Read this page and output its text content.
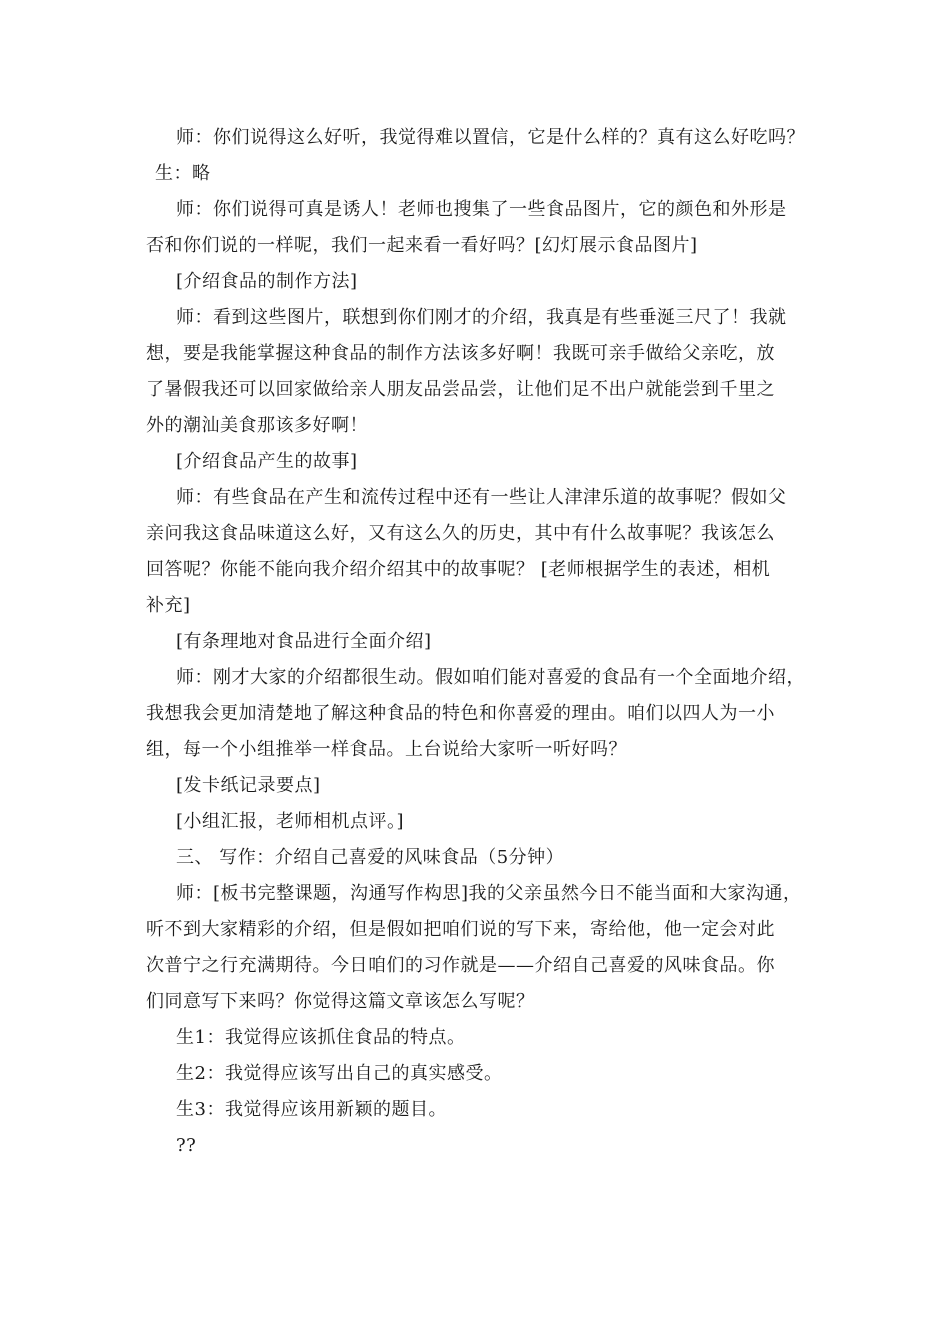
师：你们说得这么好听，我觉得难以置信，它是什么样的？真有这么好吃吗？
生：略
师：你们说得可真是诱人！老师也搜集了一些食品图片，它的颜色和外形是
否和你们说的一样呢，我们一起来看一看好吗？[幻灯展示食品图片]
[介绍食品的制作方法]
师：看到这些图片，联想到你们刚才的介绍，我真是有些垂涎三尺了！我就
想，要是我能掌握这种食品的制作方法该多好啊！我既可亲手做给父亲吃，放
了暑假我还可以回家做给亲人朋友品尝品尝，让他们足不出户就能尝到千里之
外的潮汕美食那该多好啊！
[介绍食品产生的故事]
师：有些食品在产生和流传过程中还有一些让人津津乐道的故事呢？假如父
亲问我这食品味道这么好，又有这么久的历史，其中有什么故事呢？我该怎么
回答呢？你能不能向我介绍介绍其中的故事呢？ [老师根据学生的表述，相机
补充]
[有条理地对食品进行全面介绍]
师：刚才大家的介绍都很生动。假如咱们能对喜爱的食品有一个全面地介绍，
我想我会更加清楚地了解这种食品的特色和你喜爱的理由。咱们以四人为一小
组，每一个小组推举一样食品。上台说给大家听一听好吗？
[发卡纸记录要点]
[小组汇报，老师相机点评。]
三、 写作：介绍自己喜爱的风味食品（5分钟）
师：[板书完整课题，沟通写作构思]我的父亲虽然今日不能当面和大家沟通，
听不到大家精彩的介绍，但是假如把咱们说的写下来，寄给他，他一定会对此
次普宁之行充满期待。今日咱们的习作就是——介绍自己喜爱的风味食品。你
们同意写下来吗？你觉得这篇文章该怎么写呢？
生1：我觉得应该抓住食品的特点。
生2：我觉得应该写出自己的真实感受。
生3：我觉得应该用新颖的题目。
??
